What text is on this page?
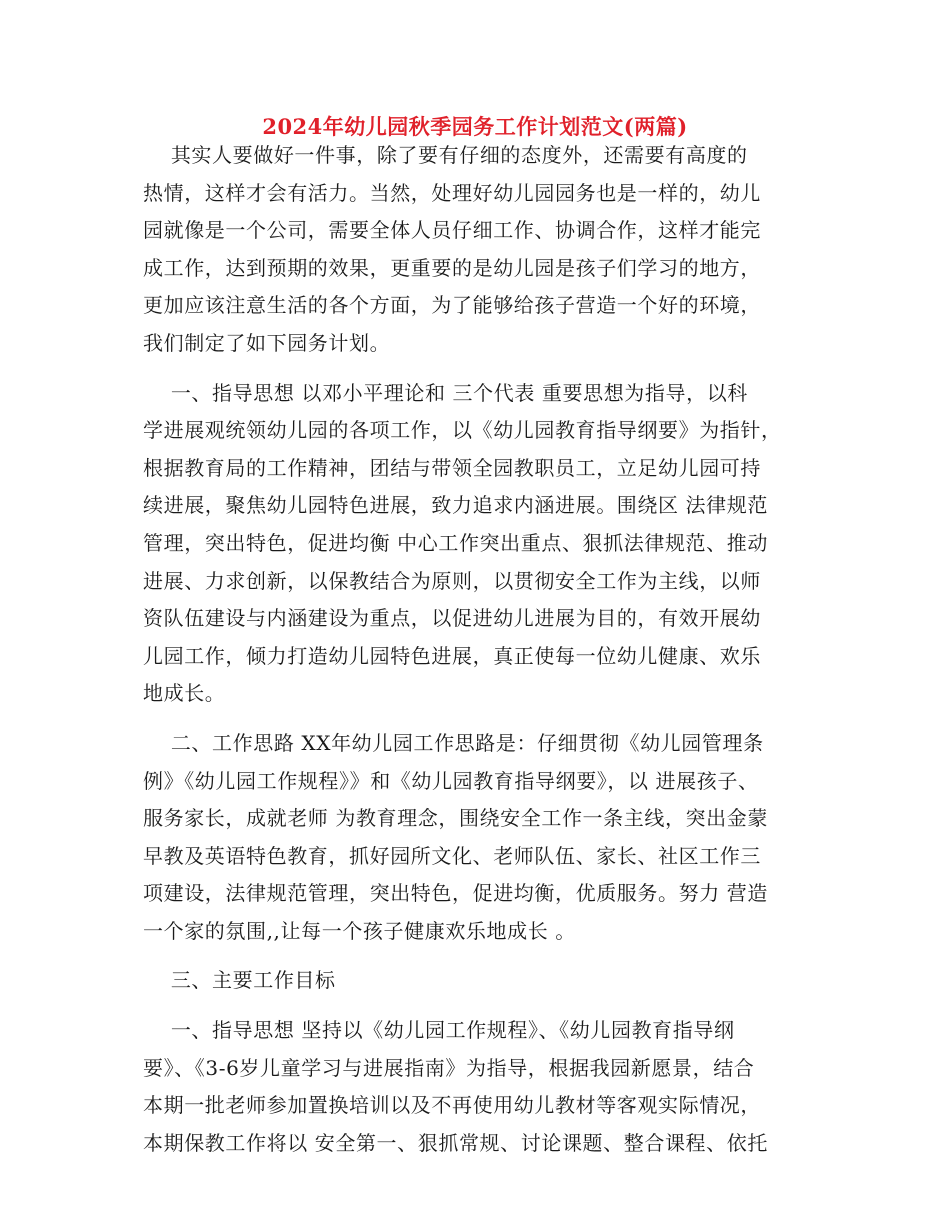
2024年幼儿园秋季园务工作计划范文(两篇)
其实人要做好一件事，除了要有仔细的态度外，还需要有高度的
热情，这样才会有活力。当然，处理好幼儿园园务也是一样的，幼儿
园就像是一个公司，需要全体人员仔细工作、协调合作，这样才能完
成工作，达到预期的效果，更重要的是幼儿园是孩子们学习的地方，
更加应该注意生活的各个方面，为了能够给孩子营造一个好的环境，
我们制定了如下园务计划。
一、指导思想 以邓小平理论和 三个代表 重要思想为指导，以科
学进展观统领幼儿园的各项工作，以《幼儿园教育指导纲要》为指针，
根据教育局的工作精神，团结与带领全园教职员工，立足幼儿园可持
续进展，聚焦幼儿园特色进展，致力追求内涵进展。围绕区 法律规范
管理，突出特色，促进均衡 中心工作突出重点、狠抓法律规范、推动
进展、力求创新，以保教结合为原则，以贯彻安全工作为主线，以师
资队伍建设与内涵建设为重点，以促进幼儿进展为目的，有效开展幼
儿园工作，倾力打造幼儿园特色进展，真正使每一位幼儿健康、欢乐
地成长。
二、工作思路 XX年幼儿园工作思路是：仔细贯彻《幼儿园管理条
例》《幼儿园工作规程》》和《幼儿园教育指导纲要》，以 进展孩子、
服务家长，成就老师 为教育理念，围绕安全工作一条主线，突出金蒙
早教及英语特色教育，抓好园所文化、老师队伍、家长、社区工作三
项建设，法律规范管理，突出特色，促进均衡，优质服务。努力 营造
一个家的氛围,,让每一个孩子健康欢乐地成长 。
三、主要工作目标
一、指导思想 坚持以《幼儿园工作规程》、《幼儿园教育指导纲
要》、《3-6岁儿童学习与进展指南》为指导，根据我园新愿景，结合
本期一批老师参加置换培训以及不再使用幼儿教材等客观实际情况，
本期保教工作将以 安全第一、狠抓常规、讨论课题、整合课程、依托
